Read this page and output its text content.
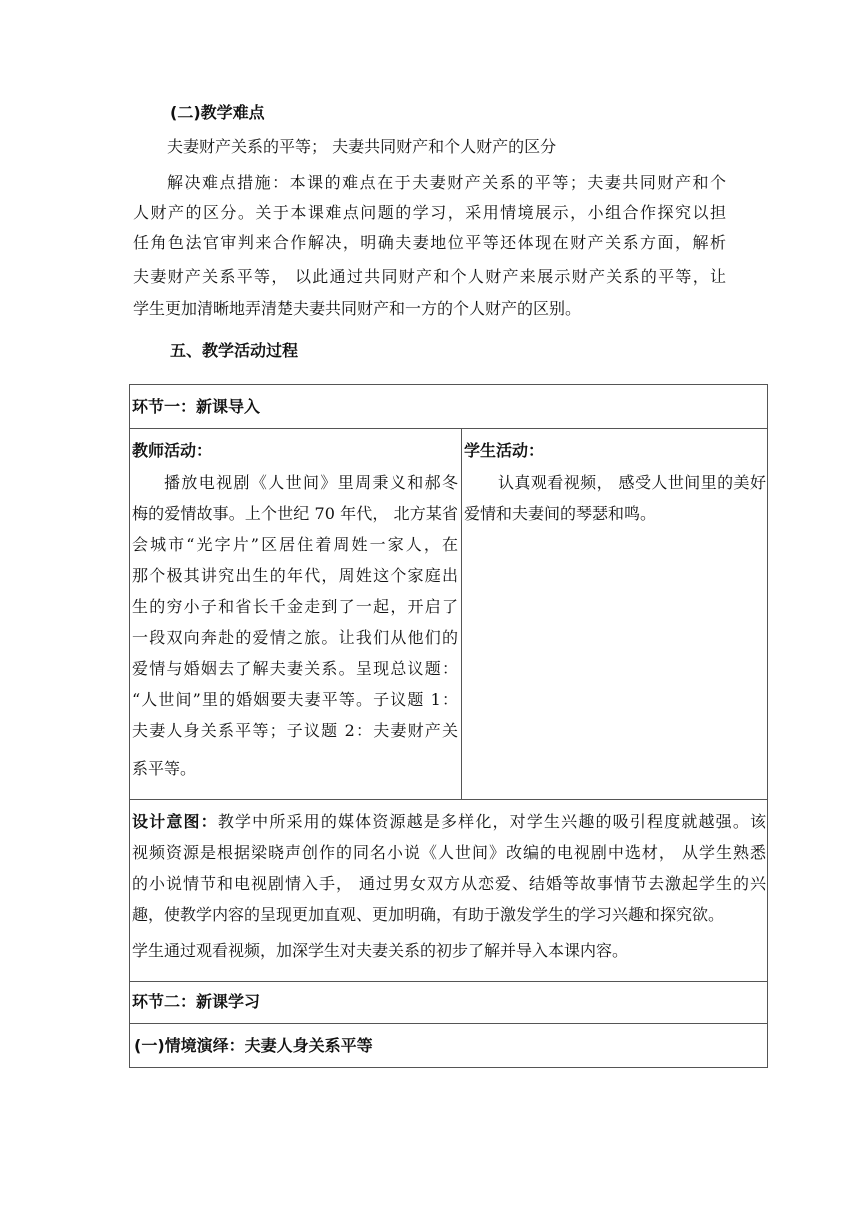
(二)教学难点
夫妻财产关系的平等； 夫妻共同财产和个人财产的区分
解决难点措施：本课的难点在于夫妻财产关系的平等；夫妻共同财产和个
人财产的区分。关于本课难点问题的学习，采用情境展示，小组合作探究以担
任角色法官审判来合作解决，明确夫妻地位平等还体现在财产关系方面，解析
夫妻财产关系平等， 以此通过共同财产和个人财产来展示财产关系的平等，让
学生更加清晰地弄清楚夫妻共同财产和一方的个人财产的区别。
五、教学活动过程
环节一：新课导入

教师活动：
播放电视剧《人世间》里周秉义和郝冬
梅的爱情故事。上个世纪 70 年代， 北方某省
会城市“光字片”区居住着周姓一家人，在
那个极其讲究出生的年代，周姓这个家庭出
生的穷小子和省长千金走到了一起，开启了
一段双向奔赴的爱情之旅。让我们从他们的
爱情与婚姻去了解夫妻关系。呈现总议题：
“人世间”里的婚姻要夫妻平等。子议题 1：
夫妻人身关系平等；子议题 2：夫妻财产关
系平等。

学生活动：
认真观看视频， 感受人世间里的美好
爱情和夫妻间的琴瑟和鸣。

设计意图：教学中所采用的媒体资源越是多样化，对学生兴趣的吸引程度就越强。该
视频资源是根据梁晓声创作的同名小说《人世间》改编的电视剧中选材， 从学生熟悉
的小说情节和电视剧情入手， 通过男女双方从恋爱、结婚等故事情节去激起学生的兴
趣，使教学内容的呈现更加直观、更加明确，有助于激发学生的学习兴趣和探究欲。
学生通过观看视频，加深学生对夫妻关系的初步了解并导入本课内容。

环节二：新课学习

(一)情境演绎：夫妻人身关系平等
